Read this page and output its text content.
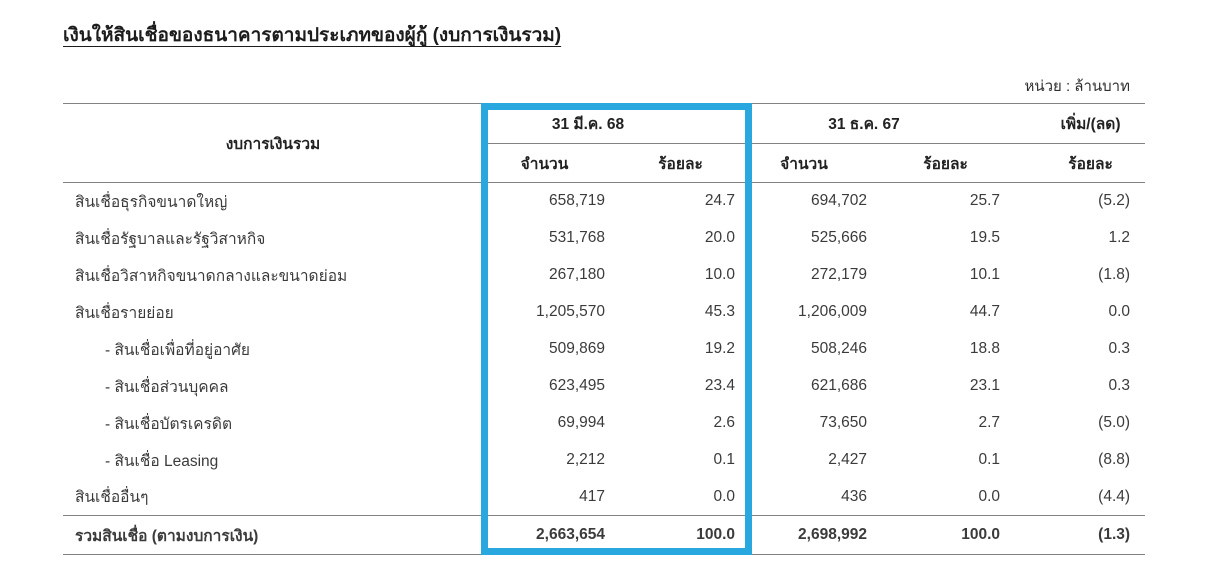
เงินให้สินเชื่อของธนาคารตามประเภทของผู้กู้ (งบการเงินรวม)
หน่วย : ล้านบาท
งบการเงินรวม	31 มี.ค. 68		31 ธ.ค. 67		เพิ่ม/(ลด)
	จำนวน	ร้อยละ	จำนวน	ร้อยละ	ร้อยละ
สินเชื่อธุรกิจขนาดใหญ่	658,719	24.7	694,702	25.7	(5.2)
สินเชื่อรัฐบาลและรัฐวิสาหกิจ	531,768	20.0	525,666	19.5	1.2
สินเชื่อวิสาหกิจขนาดกลางและขนาดย่อม	267,180	10.0	272,179	10.1	(1.8)
สินเชื่อรายย่อย	1,205,570	45.3	1,206,009	44.7	0.0
- สินเชื่อเพื่อที่อยู่อาศัย	509,869	19.2	508,246	18.8	0.3
- สินเชื่อส่วนบุคคล	623,495	23.4	621,686	23.1	0.3
- สินเชื่อบัตรเครดิต	69,994	2.6	73,650	2.7	(5.0)
- สินเชื่อ Leasing	2,212	0.1	2,427	0.1	(8.8)
สินเชื่ออื่นๆ	417	0.0	436	0.0	(4.4)
รวมสินเชื่อ (ตามงบการเงิน)	2,663,654	100.0	2,698,992	100.0	(1.3)
